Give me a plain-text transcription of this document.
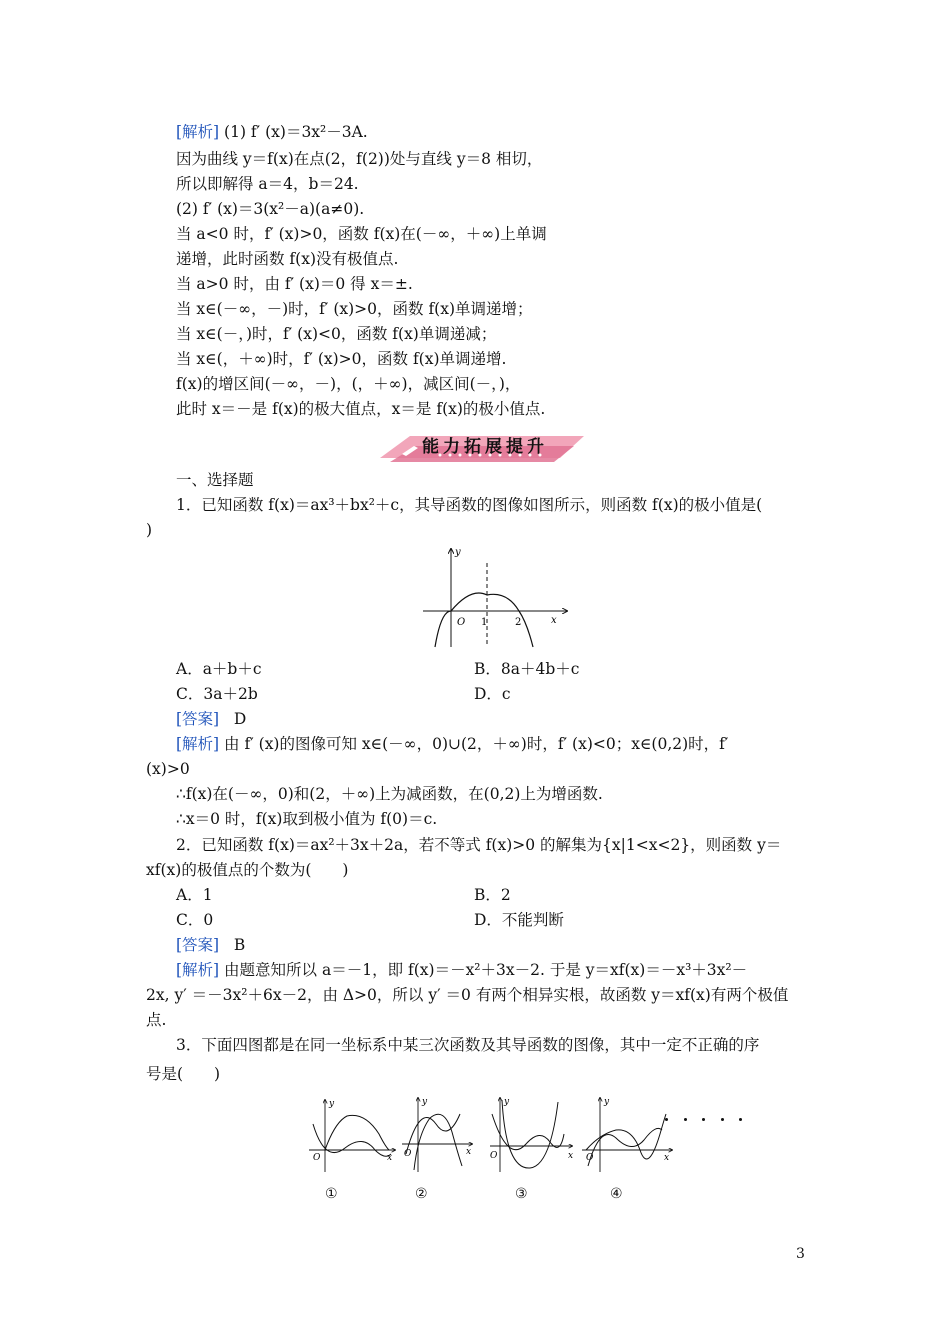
[解析] (1) f′ (x)＝3x²－3A.
因为曲线 y＝f(x)在点(2，f(2))处与直线 y＝8 相切，
所以即解得 a＝4，b＝24.
(2) f′ (x)＝3(x²－a)(a≠0).
当 a<0 时，f′ (x)>0，函数 f(x)在(－∞，＋∞)上单调
递增，此时函数 f(x)没有极值点.
当 a>0 时，由 f′ (x)＝0 得 x＝±.
当 x∈(－∞，－)时，f′ (x)>0，函数 f(x)单调递增；
当 x∈(－，)时，f′ (x)<0，函数 f(x)单调递减；
当 x∈(，＋∞)时，f′ (x)>0，函数 f(x)单调递增.
f(x)的增区间(－∞，－)，(，＋∞)，减区间(－，)，
此时 x＝－是 f(x)的极大值点，x＝是 f(x)的极小值点.
能力拓展提升
一、选择题
1．已知函数 f(x)＝ax³＋bx²＋c，其导函数的图像如图所示，则函数 f(x)的极小值是(
)
y
x
O 1	2
A．a＋b＋c	B．8a＋4b＋c
C．3a＋2b	D．c
[答案] D
[解析] 由 f′ (x)的图像可知 x∈(－∞，0)∪(2，＋∞)时，f′ (x)<0；x∈(0,2)时，f′
(x)>0
∴f(x)在(－∞，0)和(2，＋∞)上为减函数，在(0,2)上为增函数.
∴x＝0 时，f(x)取到极小值为 f(0)＝c.
2．已知函数 f(x)＝ax²＋3x＋2a，若不等式 f(x)>0 的解集为{x|1<x<2}，则函数 y＝
xf(x)的极值点的个数为(　　)
A．1	B．2
C．0	D．不能判断
[答案] B
[解析] 由题意知所以 a＝－1，即 f(x)＝－x²＋3x－2. 于是 y＝xf(x)＝－x³＋3x²－
2x, y′ ＝－3x²＋6x－2，由 Δ>0，所以 y′ ＝0 有两个相异实根，故函数 y＝xf(x)有两个极值
点.
3．下面四图都是在同一坐标系中某三次函数及其导函数的图像，其中一定不正确的序
号是(　　)
y
x
O
y
x
O
y
x
O
y
x
O
①	②	③	④
3
